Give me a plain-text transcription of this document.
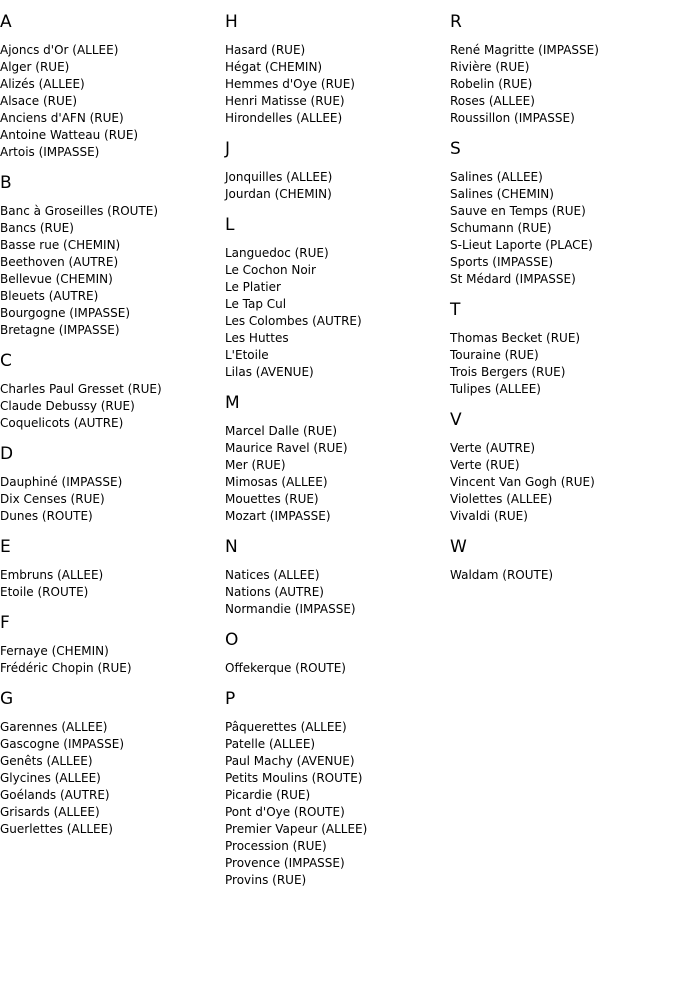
A
Ajoncs d'Or (ALLEE)
Alger (RUE)
Alizés (ALLEE)
Alsace (RUE)
Anciens d'AFN (RUE)
Antoine Watteau (RUE)
Artois (IMPASSE)
B
Banc à Groseilles (ROUTE)
Bancs (RUE)
Basse rue (CHEMIN)
Beethoven (AUTRE)
Bellevue (CHEMIN)
Bleuets (AUTRE)
Bourgogne (IMPASSE)
Bretagne (IMPASSE)
C
Charles Paul Gresset (RUE)
Claude Debussy (RUE)
Coquelicots (AUTRE)
D
Dauphiné (IMPASSE)
Dix Censes (RUE)
Dunes (ROUTE)
E
Embruns (ALLEE)
Etoile (ROUTE)
F
Fernaye (CHEMIN)
Frédéric Chopin (RUE)
G
Garennes (ALLEE)
Gascogne (IMPASSE)
Genêts (ALLEE)
Glycines (ALLEE)
Goélands (AUTRE)
Grisards (ALLEE)
Guerlettes (ALLEE)
H
Hasard (RUE)
Hégat (CHEMIN)
Hemmes d'Oye (RUE)
Henri Matisse (RUE)
Hirondelles (ALLEE)
J
Jonquilles (ALLEE)
Jourdan (CHEMIN)
L
Languedoc (RUE)
Le Cochon Noir
Le Platier
Le Tap Cul
Les Colombes (AUTRE)
Les Huttes
L'Etoile
Lilas (AVENUE)
M
Marcel Dalle (RUE)
Maurice Ravel (RUE)
Mer (RUE)
Mimosas (ALLEE)
Mouettes (RUE)
Mozart (IMPASSE)
N
Natices (ALLEE)
Nations (AUTRE)
Normandie (IMPASSE)
O
Offekerque (ROUTE)
P
Pâquerettes (ALLEE)
Patelle (ALLEE)
Paul Machy (AVENUE)
Petits Moulins (ROUTE)
Picardie (RUE)
Pont d'Oye (ROUTE)
Premier Vapeur (ALLEE)
Procession (RUE)
Provence (IMPASSE)
Provins (RUE)
R
René Magritte (IMPASSE)
Rivière (RUE)
Robelin (RUE)
Roses (ALLEE)
Roussillon (IMPASSE)
S
Salines (ALLEE)
Salines (CHEMIN)
Sauve en Temps (RUE)
Schumann (RUE)
S-Lieut Laporte (PLACE)
Sports (IMPASSE)
St Médard (IMPASSE)
T
Thomas Becket (RUE)
Touraine (RUE)
Trois Bergers (RUE)
Tulipes (ALLEE)
V
Verte (AUTRE)
Verte (RUE)
Vincent Van Gogh (RUE)
Violettes (ALLEE)
Vivaldi (RUE)
W
Waldam (ROUTE)
